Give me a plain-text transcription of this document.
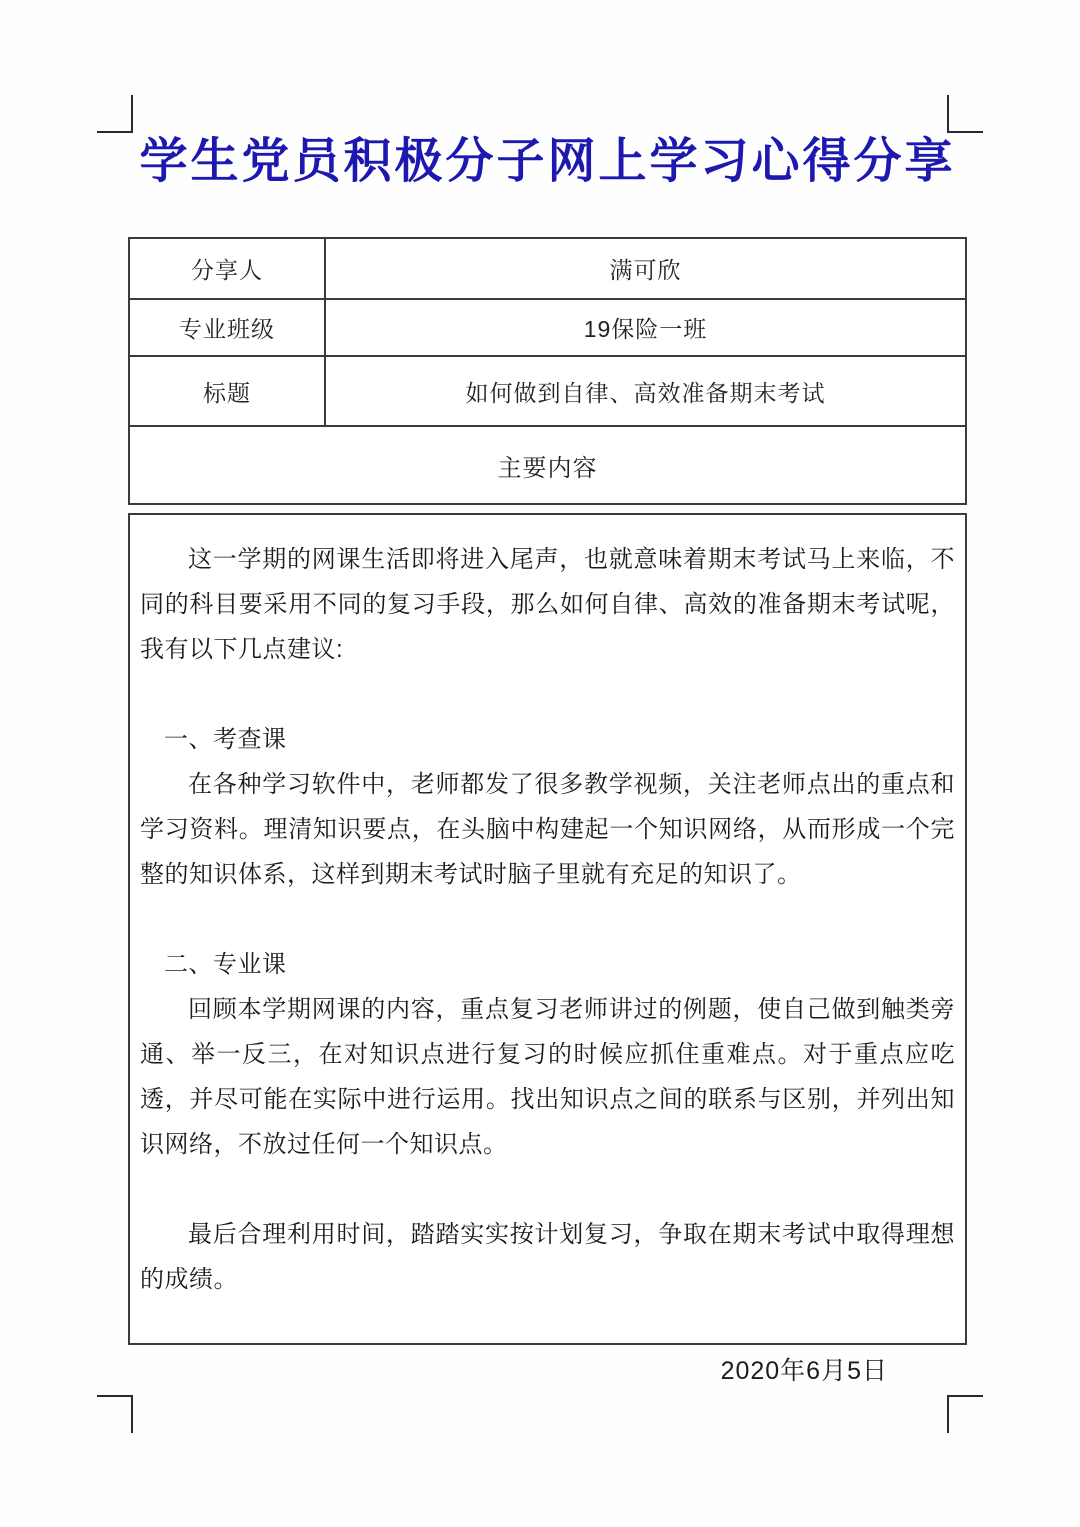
学生党员积极分子网上学习心得分享
分享人	满可欣
专业班级	19保险一班
标题	如何做到自律、高效准备期末考试
主要内容

这一学期的网课生活即将进入尾声，也就意味着期末考试马上来临，不同的科目要采用不同的复习手段，那么如何自律、高效的准备期末考试呢，我有以下几点建议:

一、考查课

在各种学习软件中，老师都发了很多教学视频，关注老师点出的重点和学习资料。理清知识要点，在头脑中构建起一个知识网络，从而形成一个完整的知识体系，这样到期末考试时脑子里就有充足的知识了。

二、专业课

回顾本学期网课的内容，重点复习老师讲过的例题，使自己做到触类旁通、举一反三，在对知识点进行复习的时候应抓住重难点。对于重点应吃透，并尽可能在实际中进行运用。找出知识点之间的联系与区别，并列出知识网络，不放过任何一个知识点。

最后合理利用时间，踏踏实实按计划复习，争取在期末考试中取得理想的成绩。

2020年6月5日
